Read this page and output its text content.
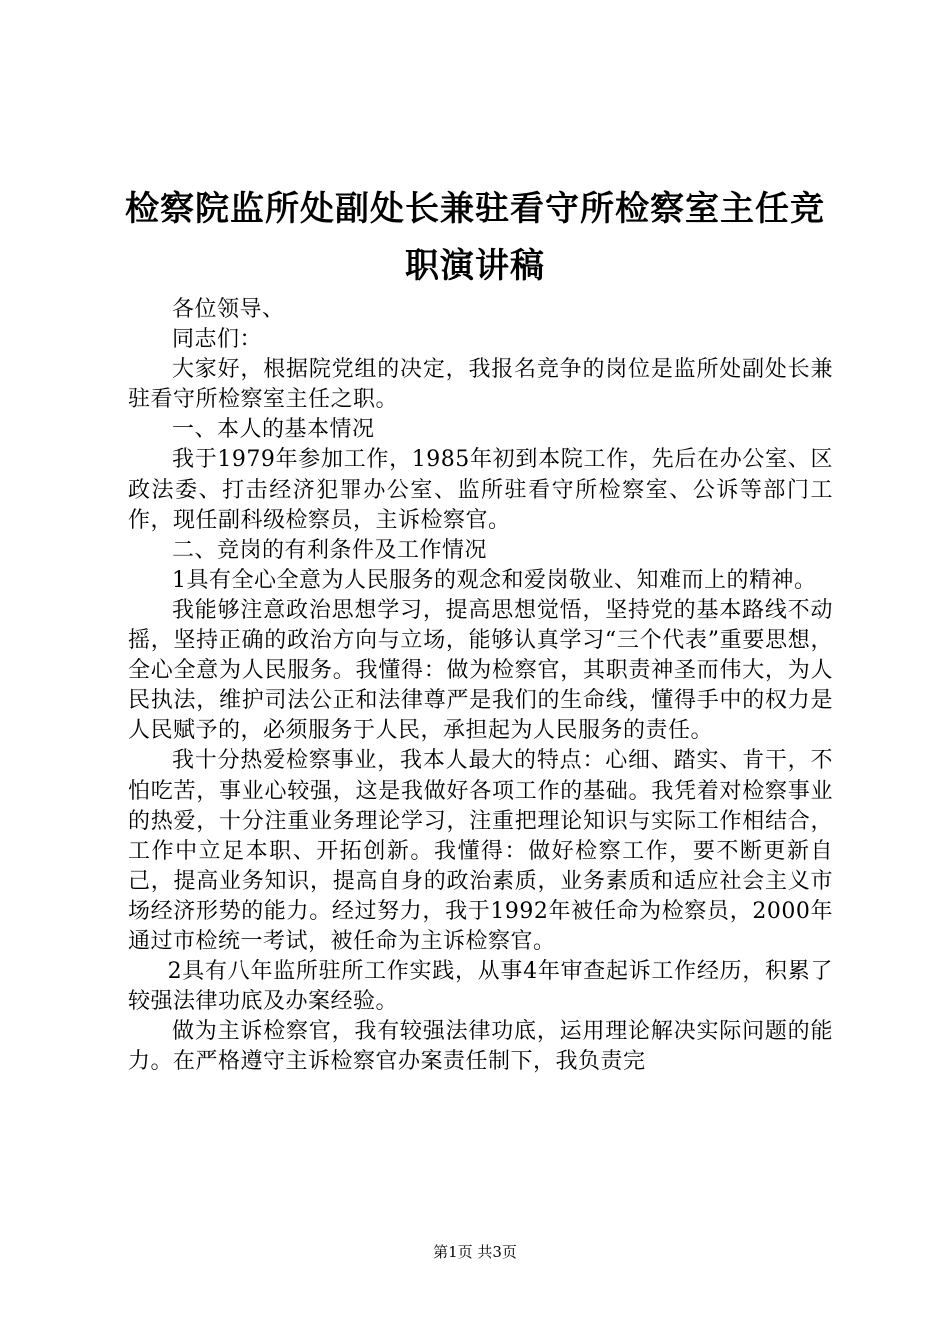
检察院监所处副处长兼驻看守所检察室主任竞
职演讲稿

各位领导、

同志们：

大家好，根据院党组的决定，我报名竞争的岗位是监所处副处长兼驻看守所检察室主任之职。

一、本人的基本情况

我于1979年参加工作，1985年初到本院工作，先后在办公室、区政法委、打击经济犯罪办公室、监所驻看守所检察室、公诉等部门工作，现任副科级检察员，主诉检察官。

二、竞岗的有利条件及工作情况

1具有全心全意为人民服务的观念和爱岗敬业、知难而上的精神。

我能够注意政治思想学习，提高思想觉悟，坚持党的基本路线不动摇，坚持正确的政治方向与立场，能够认真学习“三个代表”重要思想，全心全意为人民服务。我懂得：做为检察官，其职责神圣而伟大，为人民执法，维护司法公正和法律尊严是我们的生命线，懂得手中的权力是人民赋予的，必须服务于人民，承担起为人民服务的责任。

我十分热爱检察事业，我本人最大的特点：心细、踏实、肯干，不怕吃苦，事业心较强，这是我做好各项工作的基础。我凭着对检察事业的热爱，十分注重业务理论学习，注重把理论知识与实际工作相结合，工作中立足本职、开拓创新。我懂得：做好检察工作，要不断更新自己，提高业务知识，提高自身的政治素质，业务素质和适应社会主义市场经济形势的能力。经过努力，我于1992年被任命为检察员，2000年通过市检统一考试，被任命为主诉检察官。

2具有八年监所驻所工作实践，从事4年审查起诉工作经历，积累了较强法律功底及办案经验。

做为主诉检察官，我有较强法律功底，运用理论解决实际问题的能力。在严格遵守主诉检察官办案责任制下，我负责完

第1页 共3页
